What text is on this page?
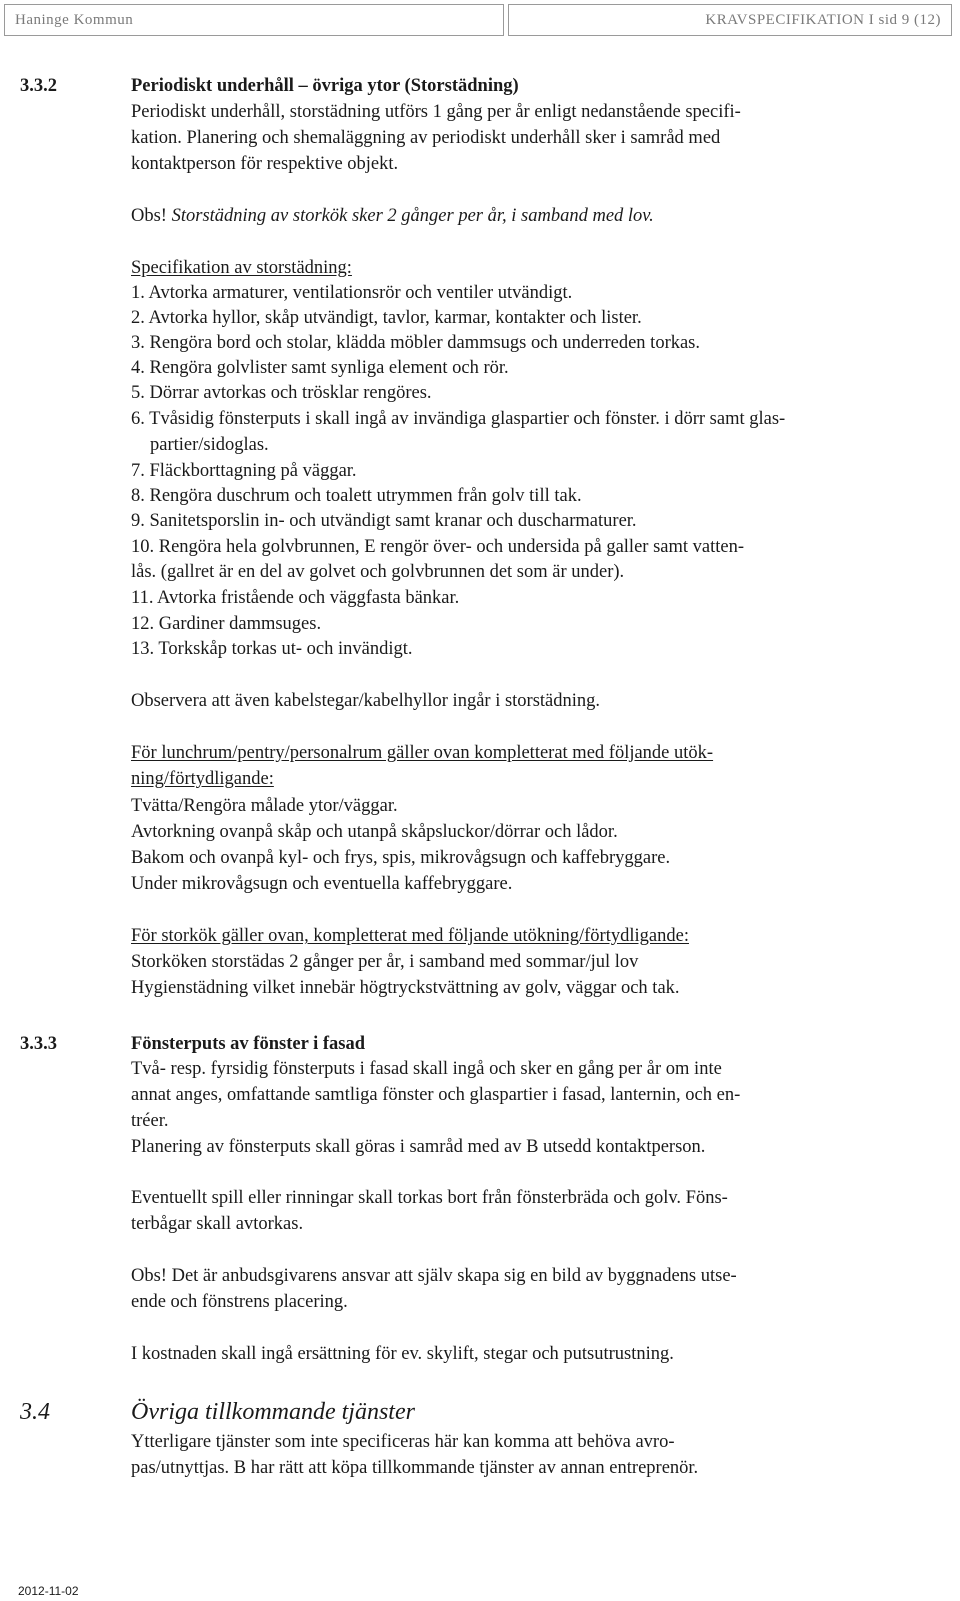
Haninge Kommun	KRAVSPECIFIKATION I sid 9 (12)
3.3.2	Periodiskt underhåll – övriga ytor (Storstädning)
Periodiskt underhåll, storstädning utförs 1 gång per år enligt nedanstående specifi-
kation. Planering och shemaläggning av periodiskt underhåll sker i samråd med
kontaktperson för respektive objekt.
Obs! Storstädning av storkök sker 2 gånger per år, i samband med lov.
Specifikation av storstädning:
1. Avtorka armaturer, ventilationsrör och ventiler utvändigt.
2. Avtorka hyllor, skåp utvändigt, tavlor, karmar, kontakter och lister.
3. Rengöra bord och stolar, klädda möbler dammsugs och underreden torkas.
4. Rengöra golvlister samt synliga element och rör.
5. Dörrar avtorkas och trösklar rengöres.
6. Tvåsidig fönsterputs i skall ingå av invändiga glaspartier och fönster. i dörr samt glas-
partier/sidoglas.
7. Fläckborttagning på väggar.
8. Rengöra duschrum och toalett utrymmen från golv till tak.
9. Sanitetsporslin in- och utvändigt samt kranar och duscharmaturer.
10. Rengöra hela golvbrunnen, E rengör över- och undersida på galler samt vatten-
lås. (gallret är en del av golvet och golvbrunnen det som är under).
11. Avtorka fristående och väggfasta bänkar.
12. Gardiner dammsuges.
13. Torkskåp torkas ut- och invändigt.
Observera att även kabelstegar/kabelhyllor ingår i storstädning.
För lunchrum/pentry/personalrum gäller ovan kompletterat med följande utök-
ning/förtydligande:
Tvätta/Rengöra målade ytor/väggar.
Avtorkning ovanpå skåp och utanpå skåpsluckor/dörrar och lådor.
Bakom och ovanpå kyl- och frys, spis, mikrovågsugn och kaffebryggare.
Under mikrovågsugn och eventuella kaffebryggare.
För storkök gäller ovan, kompletterat med följande utökning/förtydligande:
Storköken storstädas 2 gånger per år, i samband med sommar/jul lov
Hygienstädning vilket innebär högtryckstvättning av golv, väggar och tak.
3.3.3	Fönsterputs av fönster i fasad
Två- resp. fyrsidig fönsterputs i fasad skall ingå och sker en gång per år om inte
annat anges, omfattande samtliga fönster och glaspartier i fasad, lanternin, och en-
tréer.
Planering av fönsterputs skall göras i samråd med av B utsedd kontaktperson.
Eventuellt spill eller rinningar skall torkas bort från fönsterbräda och golv. Föns-
terbågar skall avtorkas.
Obs! Det är anbudsgivarens ansvar att själv skapa sig en bild av byggnadens utse-
ende och fönstrens placering.
I kostnaden skall ingå ersättning för ev. skylift, stegar och putsutrustning.
3.4	Övriga tillkommande tjänster
Ytterligare tjänster som inte specificeras här kan komma att behöva avro-
pas/utnyttjas. B har rätt att köpa tillkommande tjänster av annan entreprenör.
2012-11-02
